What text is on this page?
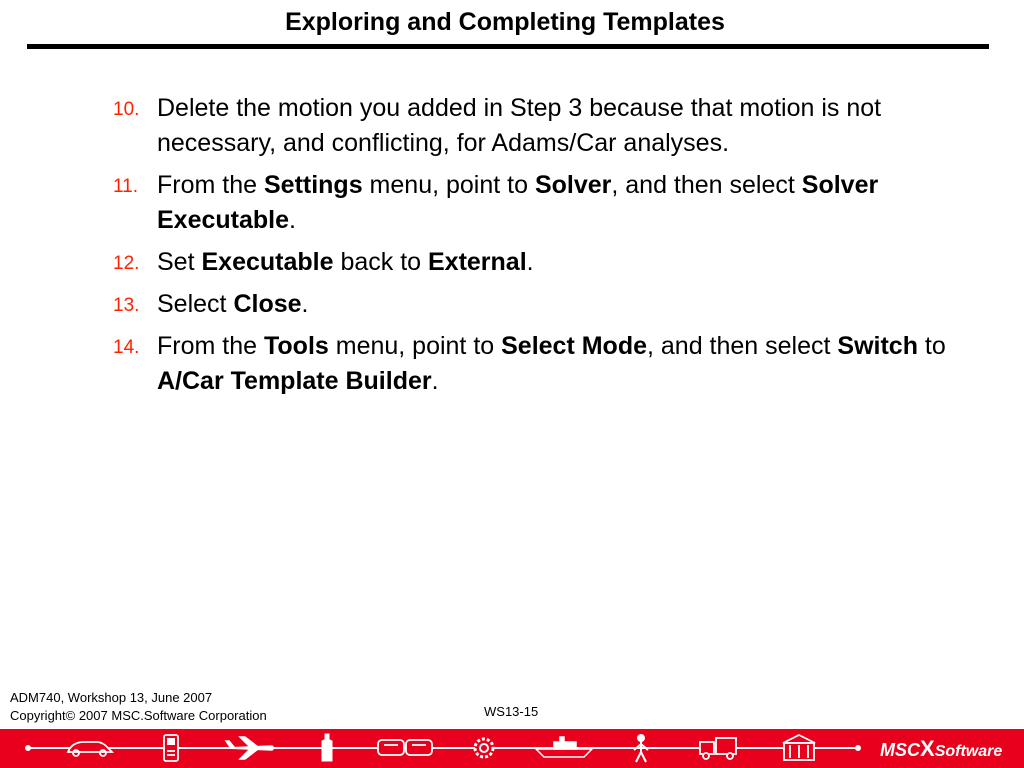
Exploring and Completing Templates
10. Delete the motion you added in Step 3 because that motion is not necessary, and conflicting, for Adams/Car analyses.
11. From the Settings menu, point to Solver, and then select Solver Executable.
12. Set Executable back to External.
13. Select Close.
14. From the Tools menu, point to Select Mode, and then select Switch to A/Car Template Builder.
ADM740, Workshop 13, June 2007
Copyright© 2007 MSC.Software Corporation	WS13-15
MSCXSoftware
